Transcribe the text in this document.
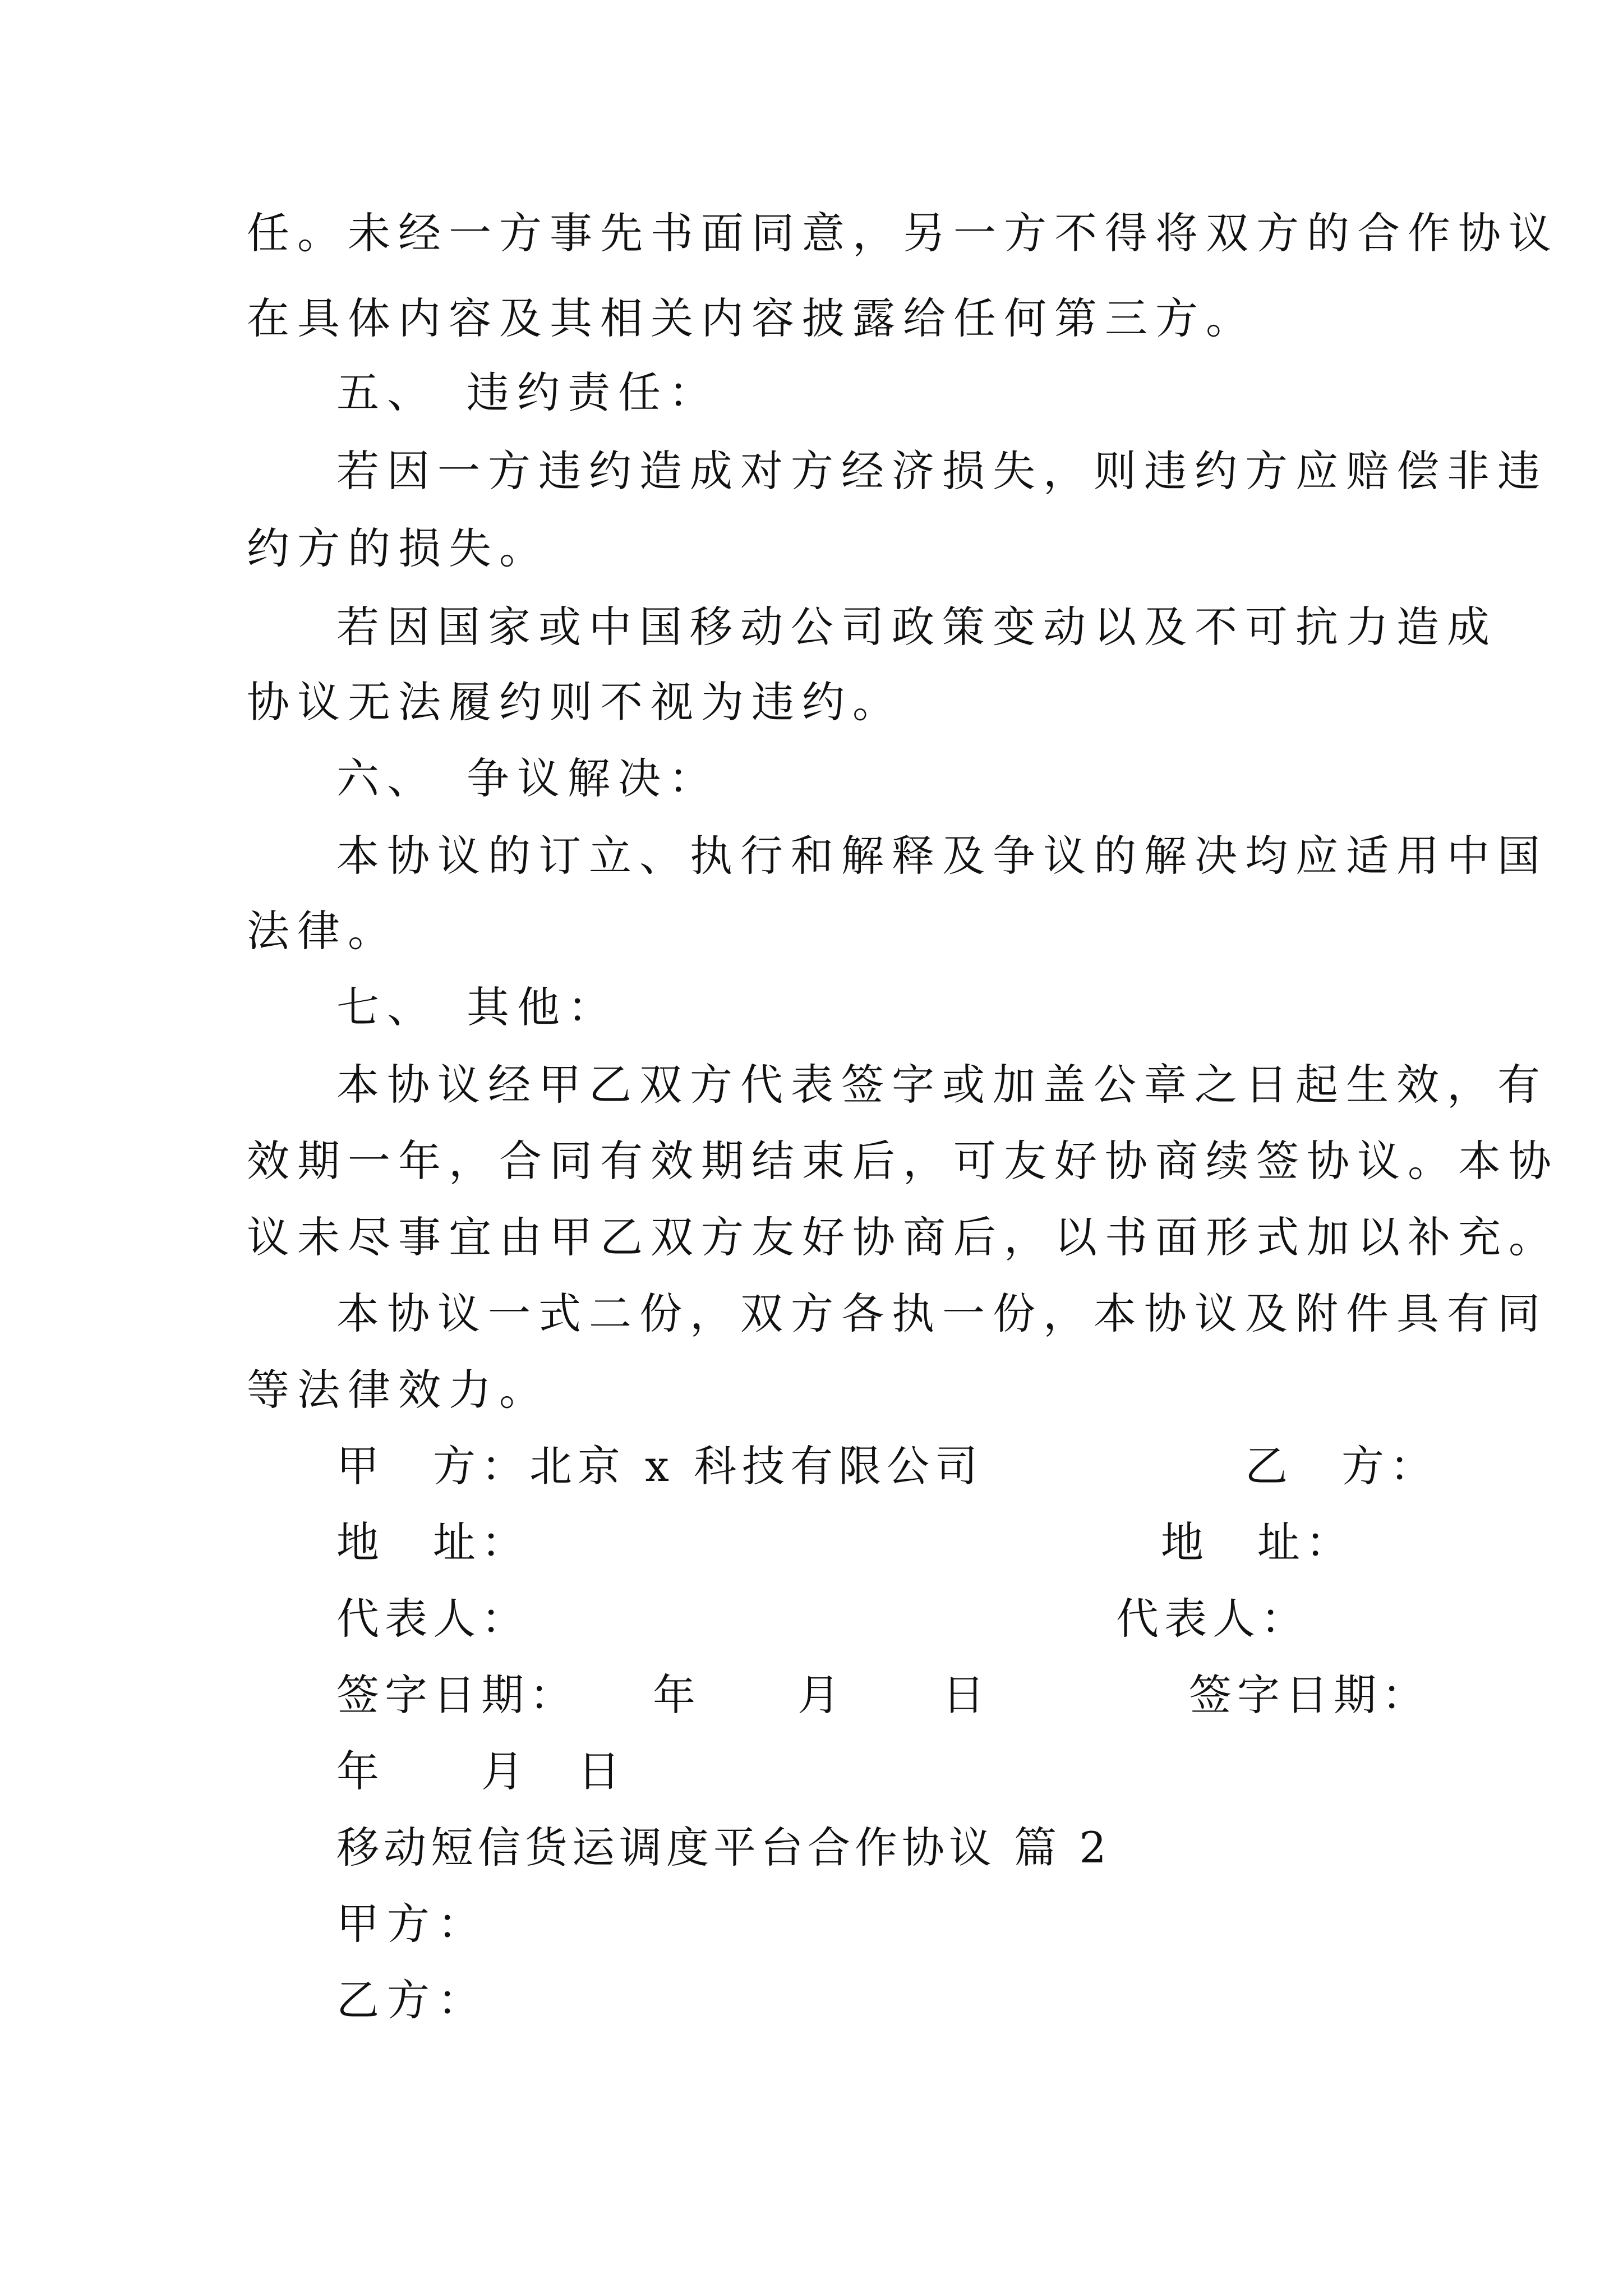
任。未经一方事先书面同意，另一方不得将双方的合作协议
在具体内容及其相关内容披露给任何第三方。
五、　违约责任：
若因一方违约造成对方经济损失，则违约方应赔偿非违
约方的损失。
若因国家或中国移动公司政策变动以及不可抗力造成
协议无法履约则不视为违约。
六、　争议解决：
本协议的订立、执行和解释及争议的解决均应适用中国
法律。
七、　其他：
本协议经甲乙双方代表签字或加盖公章之日起生效，有
效期一年，合同有效期结束后，可友好协商续签协议。本协
议未尽事宜由甲乙双方友好协商后，以书面形式加以补充。
本协议一式二份，双方各执一份，本协议及附件具有同
等法律效力。
甲　方：北京 x 科技有限公司	乙　方：
地　址：	地　址：
代表人：	代表人：
签字日期：　　年　　月　　日	签字日期：
年　　月　日
移动短信货运调度平台合作协议 篇 2
甲方：
乙方：
